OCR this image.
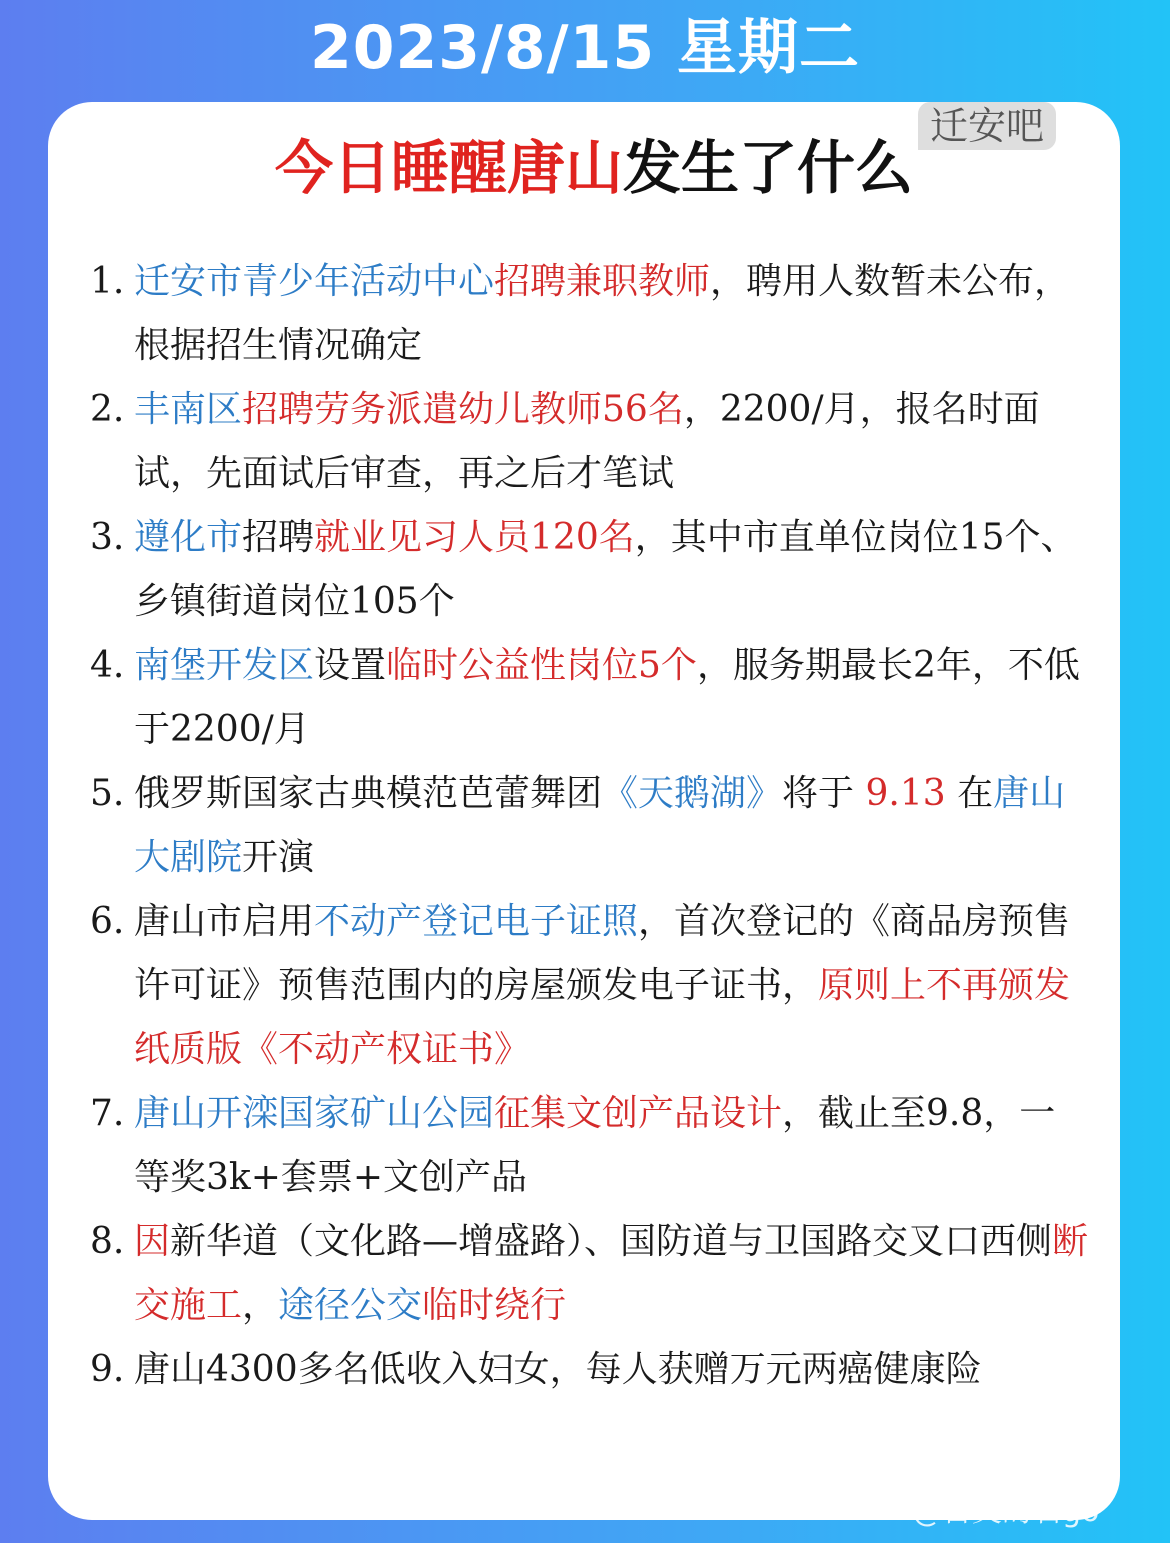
2023/8/15 星期二
迁安吧
今日睡醒唐山发生了什么
1. 迁安市青少年活动中心招聘兼职教师，聘用人数暂未公布，根据招生情况确定
2. 丰南区招聘劳务派遣幼儿教师56名，2200/月，报名时面试，先面试后审查，再之后才笔试
3. 遵化市招聘就业见习人员120名，其中市直单位岗位15个、乡镇街道岗位105个
4. 南堡开发区设置临时公益性岗位5个，服务期最长2年，不低于2200/月
5. 俄罗斯国家古典模范芭蕾舞团《天鹅湖》将于 9.13 在唐山大剧院开演
6. 唐山市启用不动产登记电子证照，首次登记的《商品房预售许可证》预售范围内的房屋颁发电子证书，原则上不再颁发纸质版《不动产权证书》
7. 唐山开滦国家矿山公园征集文创产品设计，截止至9.8，一等奖3k+套票+文创产品
8. 因新华道（文化路—增盛路）、国防道与卫国路交叉口西侧断交施工，途径公交临时绕行
9. 唐山4300多名低收入妇女，每人获赠万元两癌健康险
@百灵的石go
